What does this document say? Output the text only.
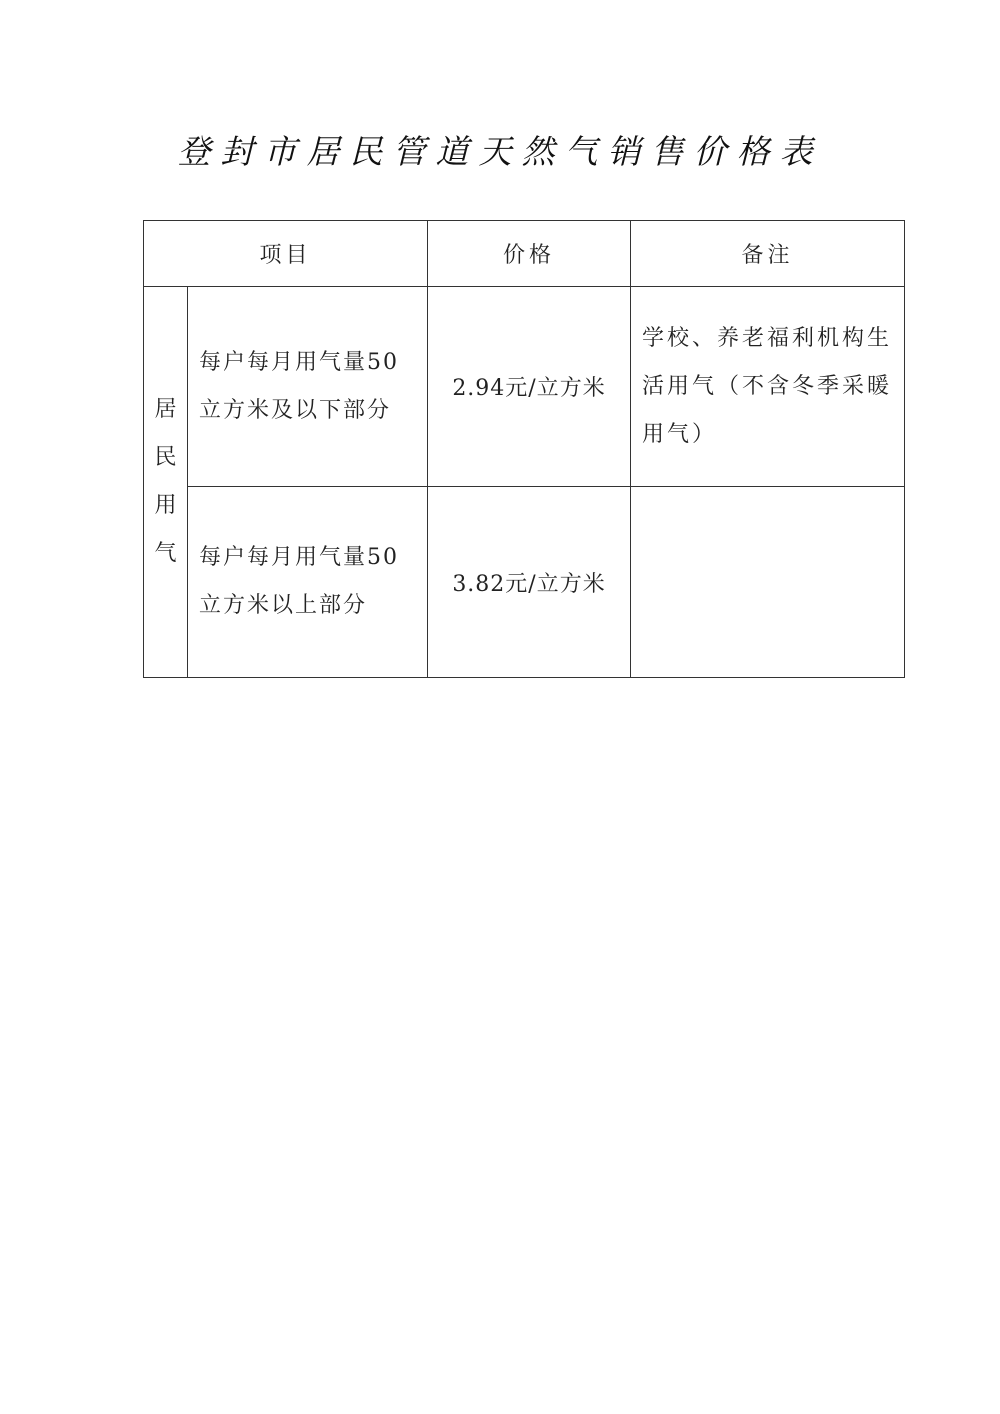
登封市居民管道天然气销售价格表
项目		价格	备注
居民用气	每户每月用气量50立方米及以下部分	2.94元/立方米	学校、养老福利机构生活用气（不含冬季采暖用气）
	每户每月用气量50立方米以上部分	3.82元/立方米	
